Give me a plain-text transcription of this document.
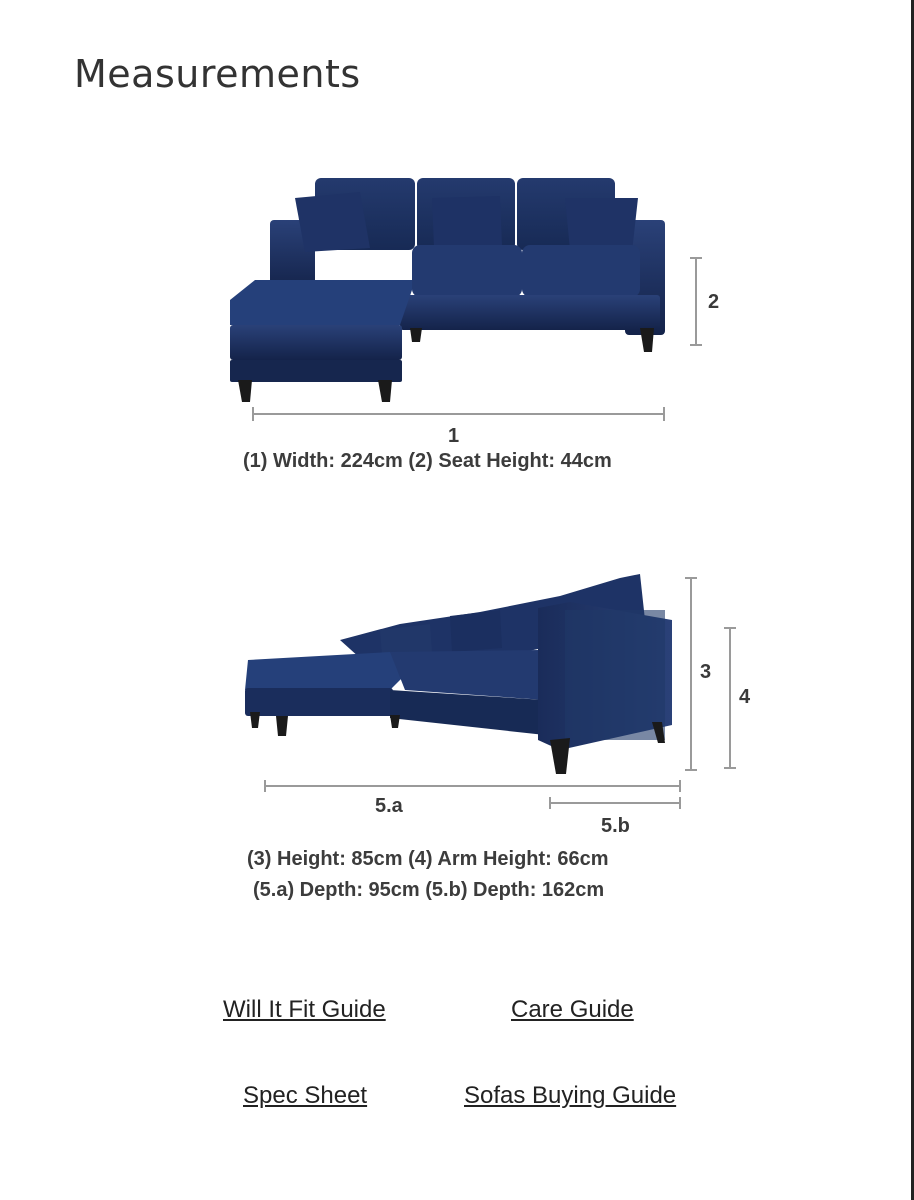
Measurements
2
1
(1) Width: 224cm (2) Seat Height: 44cm
3
4
5.a
5.b
(3) Height: 85cm (4) Arm Height: 66cm
(5.a) Depth: 95cm (5.b) Depth: 162cm
Will It Fit Guide	Care Guide
Spec Sheet	Sofas Buying Guide
